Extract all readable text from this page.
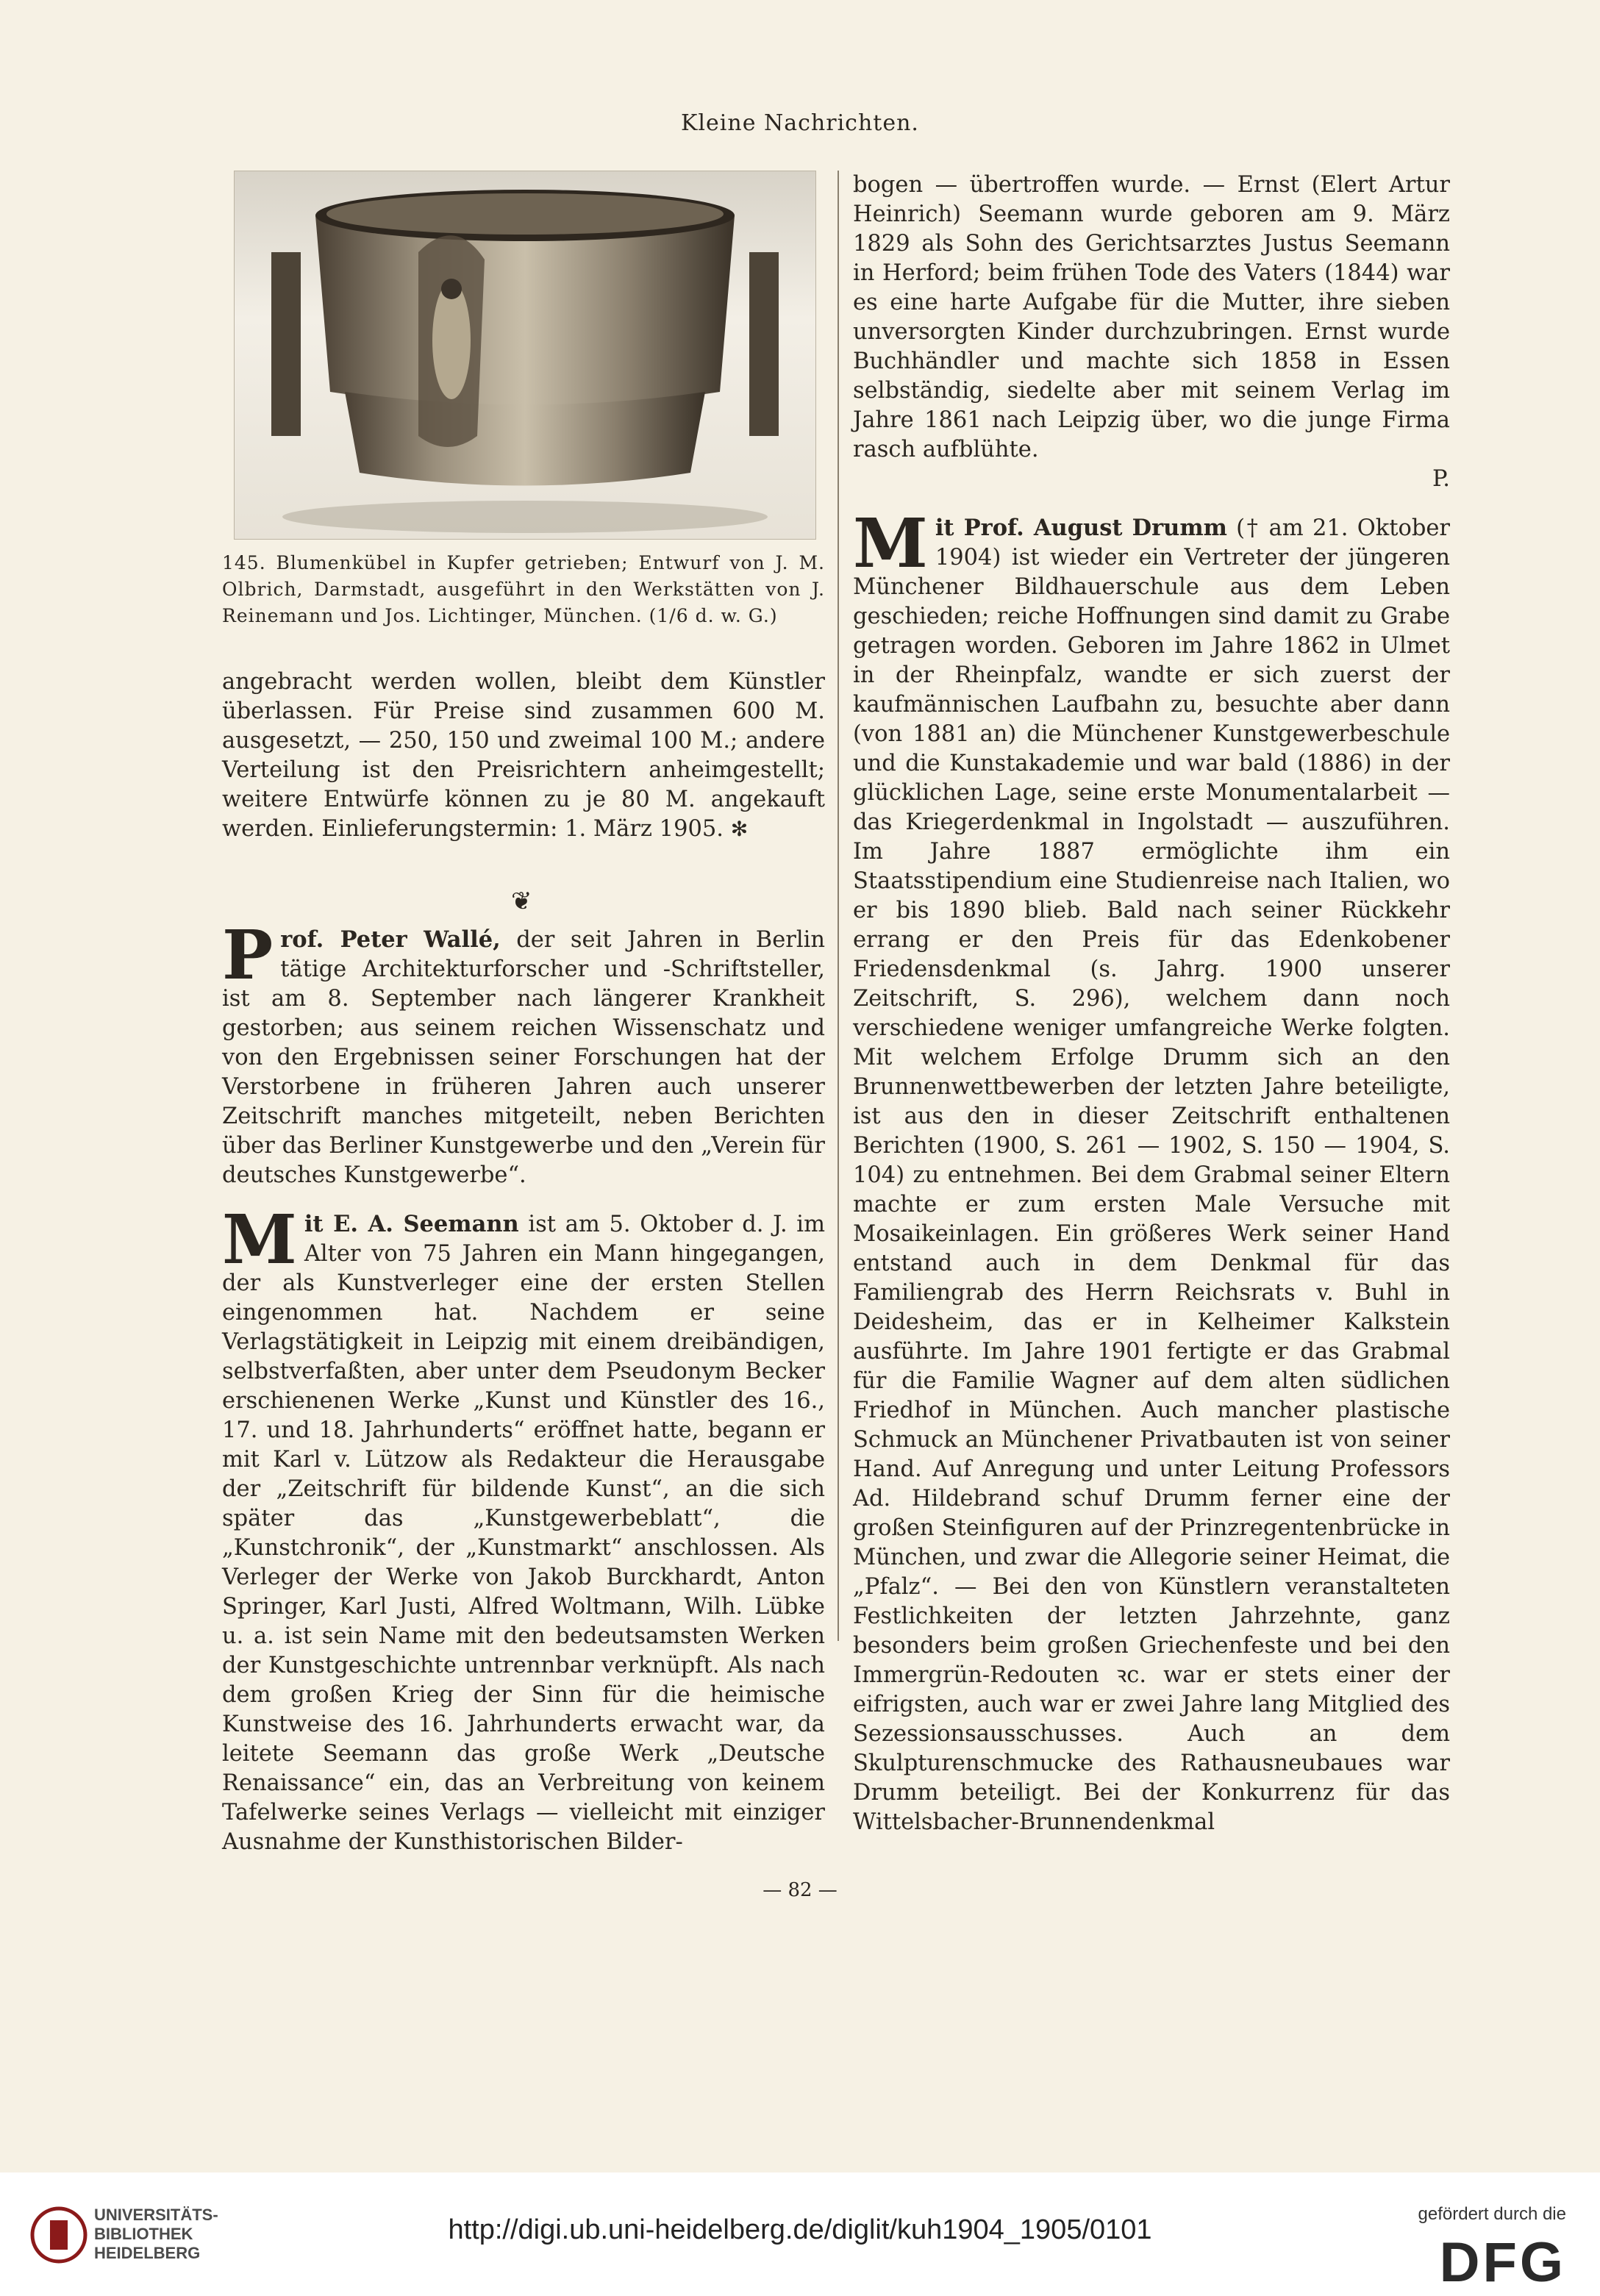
Kleine Nachrichten.
145. Blumenkübel in Kupfer getrieben; Entwurf von J. M. Olbrich, Darmstadt, ausgeführt in den Werkstätten von J. Reinemann und Jos. Lichtinger, München. (1/6 d. w. G.)

angebracht werden wollen, bleibt dem Künstler überlassen. Für Preise sind zusammen 600 M. ausgesetzt, — 250, 150 und zweimal 100 M.; andere Verteilung ist den Preisrichtern anheimgestellt; weitere Entwürfe können zu je 80 M. angekauft werden. Einlieferungstermin: 1. März 1905. ✻

Prof. Peter Wallé, der seit Jahren in Berlin tätige Architekturforscher und -Schriftsteller, ist am 8. September nach längerer Krankheit gestorben; aus seinem reichen Wissenschatz und von den Ergebnissen seiner Forschungen hat der Verstorbene in früheren Jahren auch unserer Zeitschrift manches mitgeteilt, neben Berichten über das Berliner Kunstgewerbe und den „Verein für deutsches Kunstgewerbe“.

Mit E. A. Seemann ist am 5. Oktober d. J. im Alter von 75 Jahren ein Mann hingegangen, der als Kunstverleger eine der ersten Stellen eingenommen hat. Nachdem er seine Verlagstätigkeit in Leipzig mit einem dreibändigen, selbstverfaßten, aber unter dem Pseudonym Becker erschienenen Werke „Kunst und Künstler des 16., 17. und 18. Jahrhunderts“ eröffnet hatte, begann er mit Karl v. Lützow als Redakteur die Herausgabe der „Zeitschrift für bildende Kunst“, an die sich später das „Kunstgewerbeblatt“, die „Kunstchronik“, der „Kunstmarkt“ anschlossen. Als Verleger der Werke von Jakob Burckhardt, Anton Springer, Karl Justi, Alfred Woltmann, Wilh. Lübke u. a. ist sein Name mit den bedeutsamsten Werken der Kunstgeschichte untrennbar verknüpft. Als nach dem großen Krieg der Sinn für die heimische Kunstweise des 16. Jahrhunderts erwacht war, da leitete Seemann das große Werk „Deutsche Renaissance“ ein, das an Verbreitung von keinem Tafelwerke seines Verlags — vielleicht mit einziger Ausnahme der Kunsthistorischen Bilder-

❦

bogen — übertroffen wurde. — Ernst (Elert Artur Heinrich) Seemann wurde geboren am 9. März 1829 als Sohn des Gerichtsarztes Justus Seemann in Herford; beim frühen Tode des Vaters (1844) war es eine harte Aufgabe für die Mutter, ihre sieben unversorgten Kinder durchzubringen. Ernst wurde Buchhändler und machte sich 1858 in Essen selbständig, siedelte aber mit seinem Verlag im Jahre 1861 nach Leipzig über, wo die junge Firma rasch aufblühte.

P.

Mit Prof. August Drumm († am 21. Oktober 1904) ist wieder ein Vertreter der jüngeren Münchener Bildhauerschule aus dem Leben geschieden; reiche Hoffnungen sind damit zu Grabe getragen worden. Geboren im Jahre 1862 in Ulmet in der Rheinpfalz, wandte er sich zuerst der kaufmännischen Laufbahn zu, besuchte aber dann (von 1881 an) die Münchener Kunstgewerbeschule und die Kunstakademie und war bald (1886) in der glücklichen Lage, seine erste Monumentalarbeit — das Kriegerdenkmal in Ingolstadt — auszuführen. Im Jahre 1887 ermöglichte ihm ein Staatsstipendium eine Studienreise nach Italien, wo er bis 1890 blieb. Bald nach seiner Rückkehr errang er den Preis für das Edenkobener Friedensdenkmal (s. Jahrg. 1900 unserer Zeitschrift, S. 296), welchem dann noch verschiedene weniger umfangreiche Werke folgten. Mit welchem Erfolge Drumm sich an den Brunnenwettbewerben der letzten Jahre beteiligte, ist aus den in dieser Zeitschrift enthaltenen Berichten (1900, S. 261 — 1902, S. 150 — 1904, S. 104) zu entnehmen. Bei dem Grabmal seiner Eltern machte er zum ersten Male Versuche mit Mosaikeinlagen. Ein größeres Werk seiner Hand entstand auch in dem Denkmal für das Familiengrab des Herrn Reichsrats v. Buhl in Deidesheim, das er in Kelheimer Kalkstein ausführte. Im Jahre 1901 fertigte er das Grabmal für die Familie Wagner auf dem alten südlichen Friedhof in München. Auch mancher plastische Schmuck an Münchener Privatbauten ist von seiner Hand. Auf Anregung und unter Leitung Professors Ad. Hildebrand schuf Drumm ferner eine der großen Steinfiguren auf der Prinzregentenbrücke in München, und zwar die Allegorie seiner Heimat, die „Pfalz“. — Bei den von Künstlern veranstalteten Festlichkeiten der letzten Jahrzehnte, ganz besonders beim großen Griechenfeste und bei den Immergrün-Redouten ꝛc. war er stets einer der eifrigsten, auch war er zwei Jahre lang Mitglied des Sezessionsausschusses. Auch an dem Skulpturenschmucke des Rathausneubaues war Drumm beteiligt. Bei der Konkurrenz für das Wittelsbacher-Brunnendenkmal

— 82 —
UNIVERSITÄTS-
BIBLIOTHEK
HEIDELBERG
http://digi.ub.uni-heidelberg.de/diglit/kuh1904_1905/0101
gefördert durch die
DFG
